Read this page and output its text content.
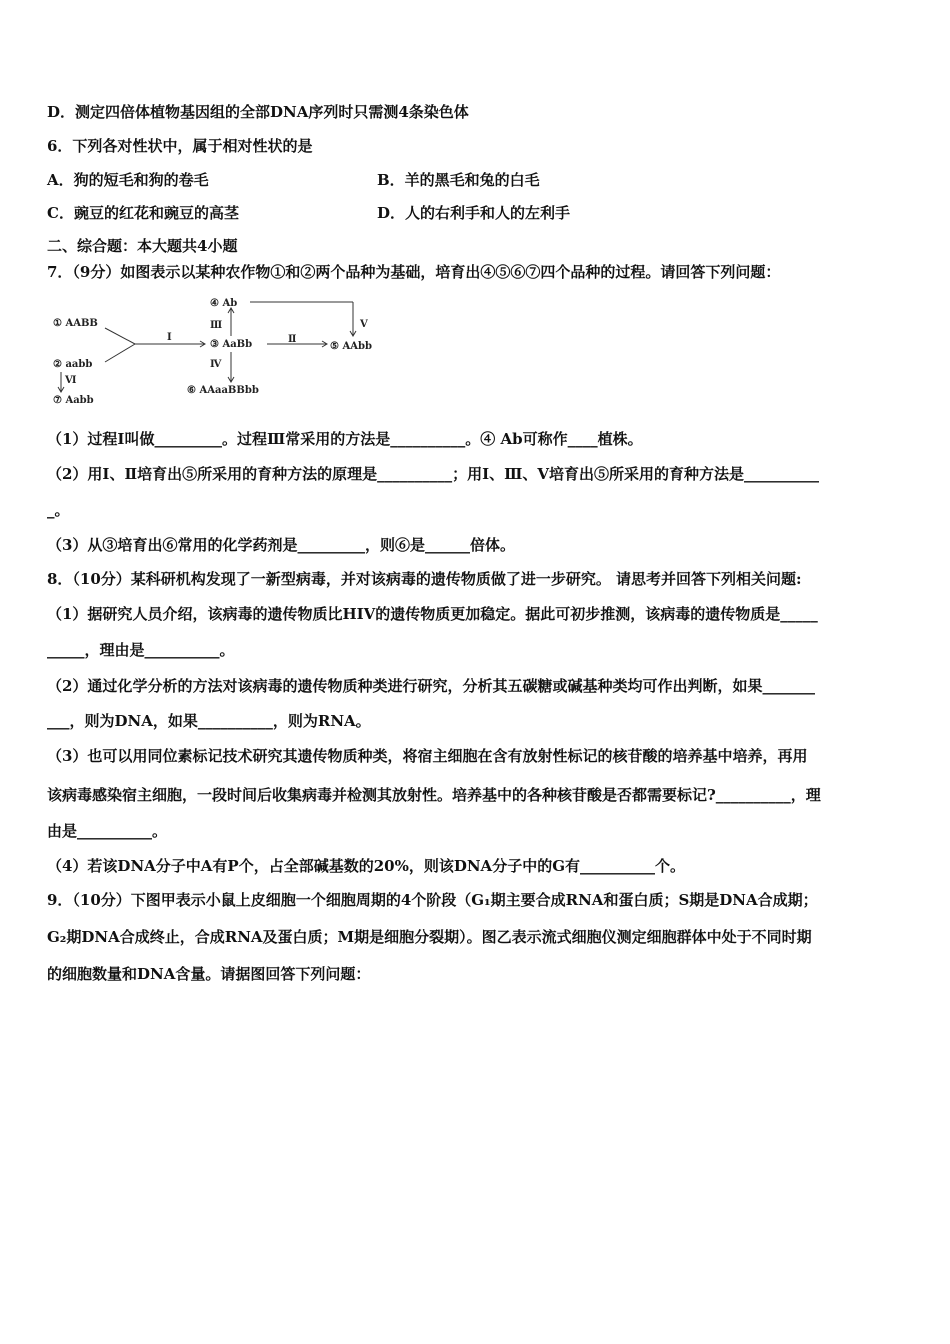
D．测定四倍体植物基因组的全部DNA序列时只需测4条染色体
6．下列各对性状中，属于相对性状的是
A．狗的短毛和狗的卷毛	B．羊的黑毛和兔的白毛
C．豌豆的红花和豌豆的高茎	D．人的右利手和人的左利手
二、综合题：本大题共4小题
7．（9分）如图表示以某种农作物①和②两个品种为基础，培育出④⑤⑥⑦四个品种的过程。请回答下列问题：
① AABB
② aabb
③ AaBb
④ Ab
⑤ AAbb
⑥ AAaaBBbb
⑦ Aabb
Ⅰ	Ⅱ
Ⅲ
Ⅳ
Ⅴ
Ⅵ
（1）过程I叫做_________。过程Ⅲ常采用的方法是__________。④ Ab可称作____植株。
（2）用I、Ⅱ培育出⑤所采用的育种方法的原理是__________；用Ⅰ、Ⅲ、Ⅴ培育出⑤所采用的育种方法是__________
_。
（3）从③培育出⑥常用的化学药剂是_________，则⑥是______倍体。
8．（10分）某科研机构发现了一新型病毒，并对该病毒的遗传物质做了进一步研究。 请思考并回答下列相关问题:
（1）据研究人员介绍，该病毒的遗传物质比HIV的遗传物质更加稳定。据此可初步推测，该病毒的遗传物质是_____
_____，理由是__________。
（2）通过化学分析的方法对该病毒的遗传物质种类进行研究，分析其五碳糖或碱基种类均可作出判断，如果_______
___，则为DNA，如果__________，则为RNA。
（3）也可以用同位素标记技术研究其遗传物质种类，将宿主细胞在含有放射性标记的核苷酸的培养基中培养，再用
该病毒感染宿主细胞，一段时间后收集病毒并检测其放射性。培养基中的各种核苷酸是否都需要标记?__________，理
由是__________。
（4）若该DNA分子中A有P个，占全部碱基数的20%，则该DNA分子中的G有__________个。
9．（10分）下图甲表示小鼠上皮细胞一个细胞周期的4个阶段（G₁期主要合成RNA和蛋白质；S期是DNA合成期；
G₂期DNA合成终止，合成RNA及蛋白质；M期是细胞分裂期）。图乙表示流式细胞仪测定细胞群体中处于不同时期
的细胞数量和DNA含量。请据图回答下列问题：
